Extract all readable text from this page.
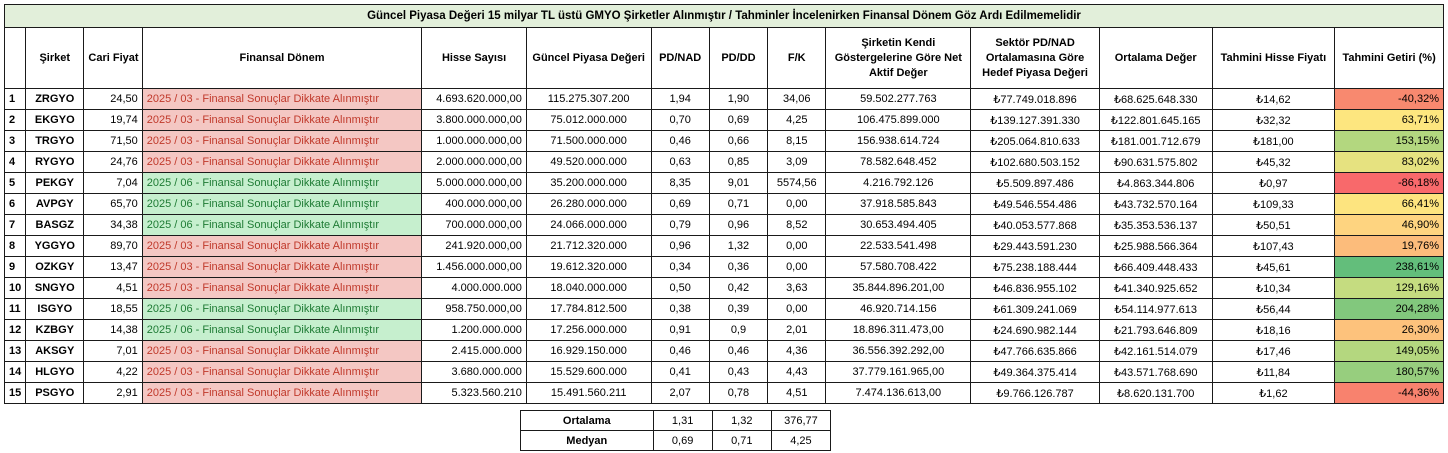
Güncel Piyasa Değeri 15 milyar TL üstü GMYO Şirketler Alınmıştır / Tahminler İncelenirken Finansal Dönem Göz Ardı Edilmemelidir													
	Şirket	Cari Fiyat	Finansal Dönem	Hisse Sayısı	Güncel Piyasa Değeri	PD/NAD	PD/DD	F/K	Şirketin Kendi Göstergelerine Göre Net Aktif Değer	Sektör PD/NAD Ortalamasına Göre Hedef Piyasa Değeri	Ortalama Değer	Tahmini Hisse Fiyatı	Tahmini Getiri (%)
1	ZRGYO	24,50	2025 / 03 - Finansal Sonuçlar Dikkate Alınmıştır	4.693.620.000,00	115.275.307.200	1,94	1,90	34,06	59.502.277.763	₺77.749.018.896	₺68.625.648.330	₺14,62	-40,32%
2	EKGYO	19,74	2025 / 03 - Finansal Sonuçlar Dikkate Alınmıştır	3.800.000.000,00	75.012.000.000	0,70	0,69	4,25	106.475.899.000	₺139.127.391.330	₺122.801.645.165	₺32,32	63,71%
3	TRGYO	71,50	2025 / 03 - Finansal Sonuçlar Dikkate Alınmıştır	1.000.000.000,00	71.500.000.000	0,46	0,66	8,15	156.938.614.724	₺205.064.810.633	₺181.001.712.679	₺181,00	153,15%
4	RYGYO	24,76	2025 / 03 - Finansal Sonuçlar Dikkate Alınmıştır	2.000.000.000,00	49.520.000.000	0,63	0,85	3,09	78.582.648.452	₺102.680.503.152	₺90.631.575.802	₺45,32	83,02%
5	PEKGY	7,04	2025 / 06 - Finansal Sonuçlar Dikkate Alınmıştır	5.000.000.000,00	35.200.000.000	8,35	9,01	5574,56	4.216.792.126	₺5.509.897.486	₺4.863.344.806	₺0,97	-86,18%
6	AVPGY	65,70	2025 / 06 - Finansal Sonuçlar Dikkate Alınmıştır	400.000.000,00	26.280.000.000	0,69	0,71	0,00	37.918.585.843	₺49.546.554.486	₺43.732.570.164	₺109,33	66,41%
7	BASGZ	34,38	2025 / 06 - Finansal Sonuçlar Dikkate Alınmıştır	700.000.000,00	24.066.000.000	0,79	0,96	8,52	30.653.494.405	₺40.053.577.868	₺35.353.536.137	₺50,51	46,90%
8	YGGYO	89,70	2025 / 03 - Finansal Sonuçlar Dikkate Alınmıştır	241.920.000,00	21.712.320.000	0,96	1,32	0,00	22.533.541.498	₺29.443.591.230	₺25.988.566.364	₺107,43	19,76%
9	OZKGY	13,47	2025 / 03 - Finansal Sonuçlar Dikkate Alınmıştır	1.456.000.000,00	19.612.320.000	0,34	0,36	0,00	57.580.708.422	₺75.238.188.444	₺66.409.448.433	₺45,61	238,61%
10	SNGYO	4,51	2025 / 03 - Finansal Sonuçlar Dikkate Alınmıştır	4.000.000.000	18.040.000.000	0,50	0,42	3,63	35.844.896.201,00	₺46.836.955.102	₺41.340.925.652	₺10,34	129,16%
11	ISGYO	18,55	2025 / 06 - Finansal Sonuçlar Dikkate Alınmıştır	958.750.000,00	17.784.812.500	0,38	0,39	0,00	46.920.714.156	₺61.309.241.069	₺54.114.977.613	₺56,44	204,28%
12	KZBGY	14,38	2025 / 06 - Finansal Sonuçlar Dikkate Alınmıştır	1.200.000.000	17.256.000.000	0,91	0,9	2,01	18.896.311.473,00	₺24.690.982.144	₺21.793.646.809	₺18,16	26,30%
13	AKSGY	7,01	2025 / 03 - Finansal Sonuçlar Dikkate Alınmıştır	2.415.000.000	16.929.150.000	0,46	0,46	4,36	36.556.392.292,00	₺47.766.635.866	₺42.161.514.079	₺17,46	149,05%
14	HLGYO	4,22	2025 / 03 - Finansal Sonuçlar Dikkate Alınmıştır	3.680.000.000	15.529.600.000	0,41	0,43	4,43	37.779.161.965,00	₺49.364.375.414	₺43.571.768.690	₺11,84	180,57%
15	PSGYO	2,91	2025 / 03 - Finansal Sonuçlar Dikkate Alınmıştır	5.323.560.210	15.491.560.211	2,07	0,78	4,51	7.474.136.613,00	₺9.766.126.787	₺8.620.131.700	₺1,62	-44,36%
Ortalama	1,31	1,32	376,77
Medyan	0,69	0,71	4,25
